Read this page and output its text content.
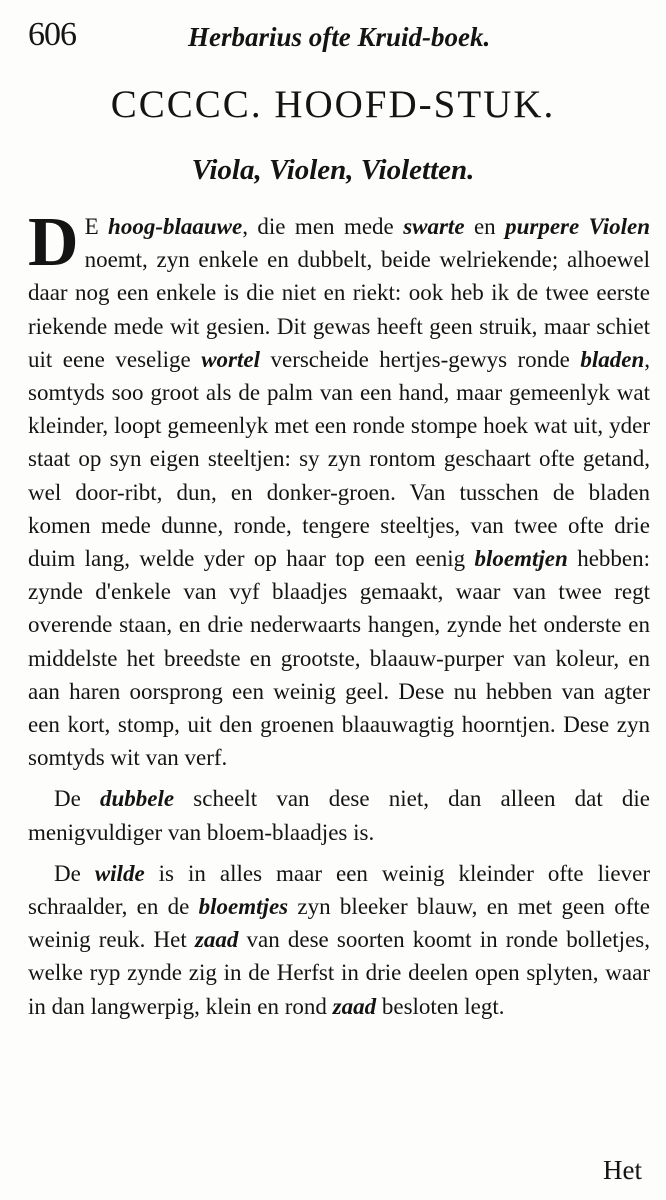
606	Herbarius ofte Kruid-boek.
CCCCC. HOOFD-STUK.
Viola, Violen, Violetten.

D E hoog-blaauwe, die men mede swarte en purpere Violen noemt, zyn enkele en dubbelt, beide welriekende; alhoewel daar nog een enkele is die niet en riekt: ook heb ik de twee eerste riekende mede wit gesien. Dit gewas heeft geen struik, maar schiet uit eene veselige wortel verscheide hertjes-gewys ronde bladen, somtyds soo groot als de palm van een hand, maar gemeenlyk wat kleinder, loopt gemeenlyk met een ronde stompe hoek wat uit, yder staat op syn eigen steeltjen: sy zyn rontom geschaart ofte getand, wel door-ribt, dun, en donker-groen. Van tusschen de bladen komen mede dunne, ronde, tengere steeltjes, van twee ofte drie duim lang, welde yder op haar top een eenig bloemtjen hebben: zynde d'enkele van vyf blaadjes gemaakt, waar van twee regt overende staan, en drie nederwaarts hangen, zynde het onderste en middelste het breedste en grootste, blaauw-purper van koleur, en aan haren oorsprong een weinig geel. Dese nu hebben van agter een kort, stomp, uit den groenen blaauwagtig hoorntjen. Dese zyn somtyds wit van verf.

De dubbele scheelt van dese niet, dan alleen dat die menigvuldiger van bloem-blaadjes is.

De wilde is in alles maar een weinig kleinder ofte liever schraalder, en de bloemtjes zyn bleeker blauw, en met geen ofte weinig reuk. Het zaad van dese soorten koomt in ronde bolletjes, welke ryp zynde zig in de Herfst in drie deelen open splyten, waar in dan langwerpig, klein en rond zaad besloten legt.

Het
